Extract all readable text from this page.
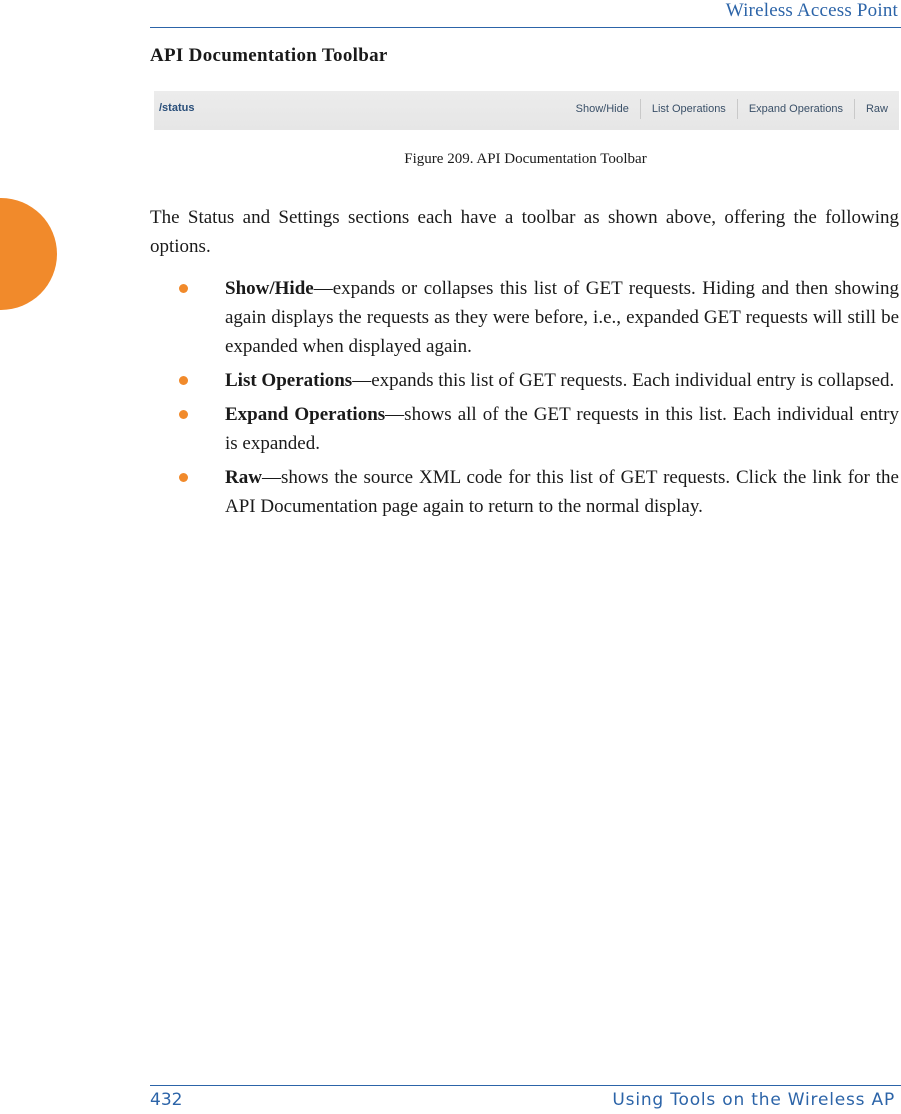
Wireless Access Point
API Documentation Toolbar
/status	Show/Hide	List Operations	Expand Operations	Raw
Figure 209. API Documentation Toolbar

The Status and Settings sections each have a toolbar as shown above, offering the following options.

Show/Hide—expands or collapses this list of GET requests. Hiding and then showing again displays the requests as they were before, i.e., expanded GET requests will still be expanded when displayed again.
List Operations—expands this list of GET requests. Each individual entry is collapsed.
Expand Operations—shows all of the GET requests in this list. Each individual entry is expanded.
Raw—shows the source XML code for this list of GET requests. Click the link for the API Documentation page again to return to the normal display.
432	Using Tools on the Wireless AP
